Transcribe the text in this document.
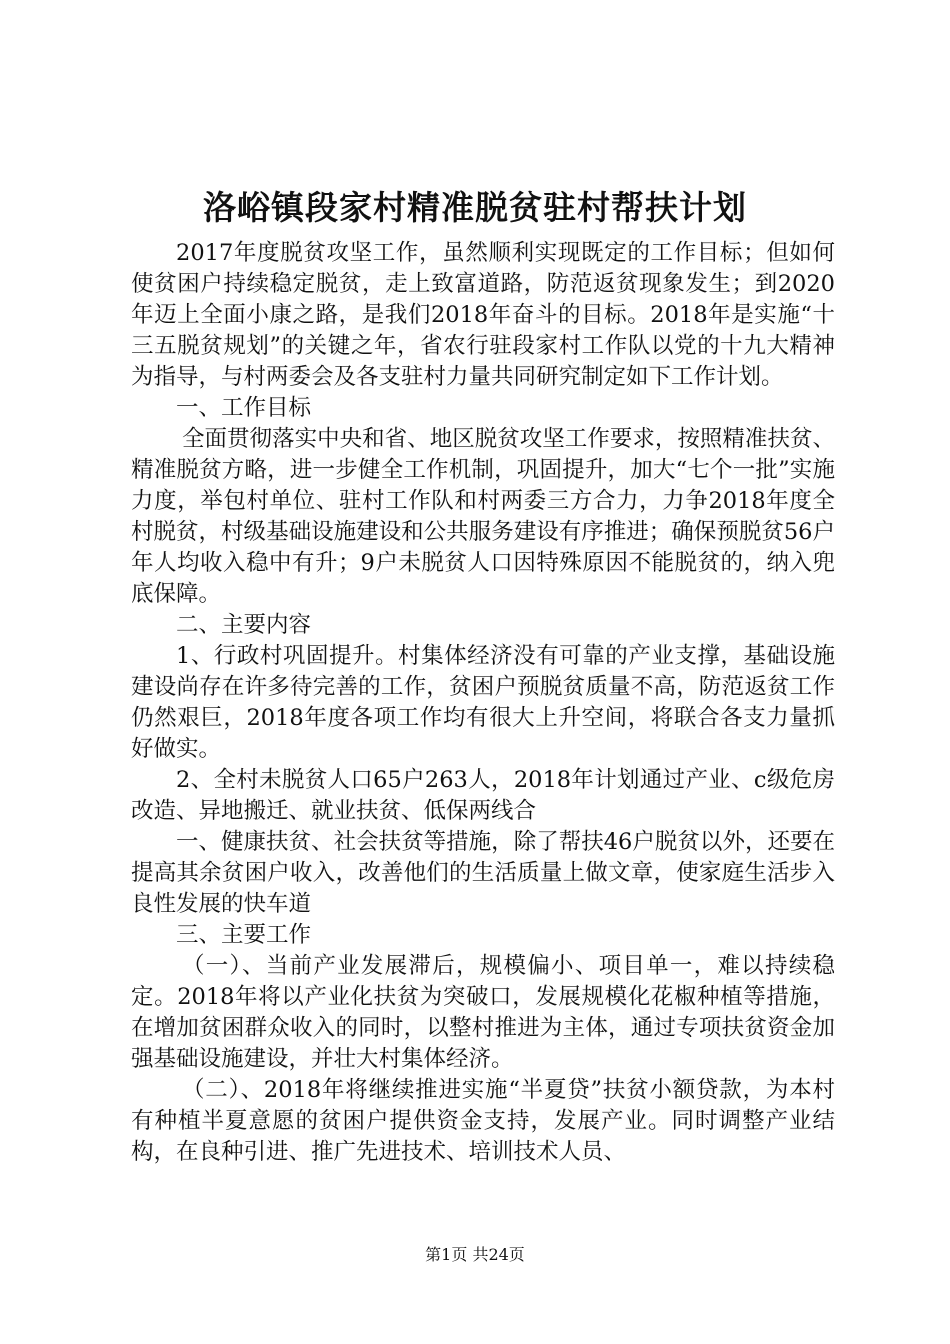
洛峪镇段家村精准脱贫驻村帮扶计划

2017年度脱贫攻坚工作，虽然顺利实现既定的工作目标；但如何使贫困户持续稳定脱贫，走上致富道路，防范返贫现象发生；到2020年迈上全面小康之路，是我们2018年奋斗的目标。2018年是实施“十三五脱贫规划”的关键之年，省农行驻段家村工作队以党的十九大精神为指导，与村两委会及各支驻村力量共同研究制定如下工作计划。

一、工作目标

全面贯彻落实中央和省、地区脱贫攻坚工作要求，按照精准扶贫、精准脱贫方略，进一步健全工作机制，巩固提升，加大“七个一批”实施力度，举包村单位、驻村工作队和村两委三方合力，力争2018年度全村脱贫，村级基础设施建设和公共服务建设有序推进；确保预脱贫56户年人均收入稳中有升；9户未脱贫人口因特殊原因不能脱贫的，纳入兜底保障。

二、主要内容

1、行政村巩固提升。村集体经济没有可靠的产业支撑，基础设施建设尚存在许多待完善的工作，贫困户预脱贫质量不高，防范返贫工作仍然艰巨，2018年度各项工作均有很大上升空间，将联合各支力量抓好做实。

2、全村未脱贫人口65户263人，2018年计划通过产业、c级危房改造、异地搬迁、就业扶贫、低保两线合

一、健康扶贫、社会扶贫等措施，除了帮扶46户脱贫以外，还要在提高其余贫困户收入，改善他们的生活质量上做文章，使家庭生活步入良性发展的快车道

三、主要工作

（一）、当前产业发展滞后，规模偏小、项目单一，难以持续稳定。2018年将以产业化扶贫为突破口，发展规模化花椒种植等措施，在增加贫困群众收入的同时，以整村推进为主体，通过专项扶贫资金加强基础设施建设，并壮大村集体经济。

（二）、2018年将继续推进实施“半夏贷”扶贫小额贷款，为本村有种植半夏意愿的贫困户提供资金支持，发展产业。同时调整产业结构，在良种引进、推广先进技术、培训技术人员、

第1页 共24页
